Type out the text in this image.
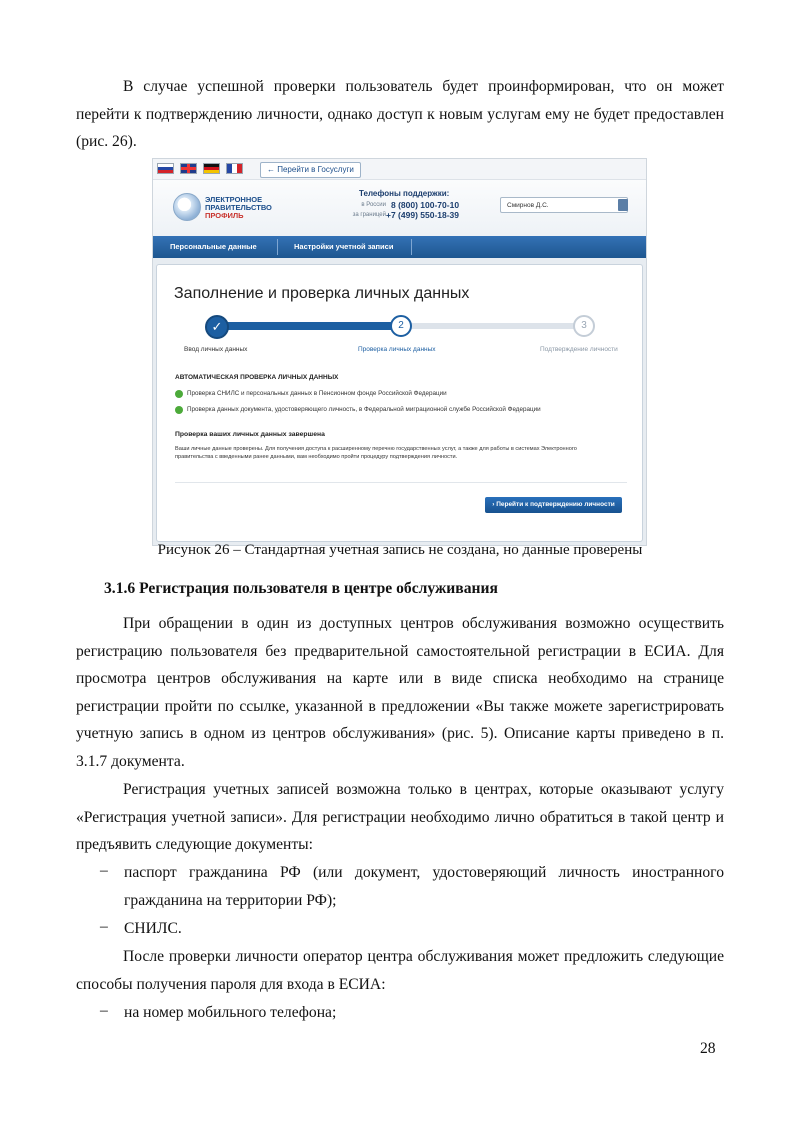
В случае успешной проверки пользователь будет проинформирован, что он может перейти к подтверждению личности, однако доступ к новым услугам ему не будет предоставлен (рис. 26).

← Перейти в Госуслуги
ЭЛЕКТРОННОЕ
ПРАВИТЕЛЬСТВО
ПРОФИЛЬ
Телефоны поддержки:
в России 8 (800) 100-70-10
за границей +7 (499) 550-18-39
Смирнов Д.С.
Персональные данные	Настройки учетной записи
Заполнение и проверка личных данных
✓	2	3
Ввод личных данных	Проверка личных данных	Подтверждение личности
АВТОМАТИЧЕСКАЯ ПРОВЕРКА ЛИЧНЫХ ДАННЫХ
Проверка СНИЛС и персональных данных в Пенсионном фонде Российской Федерации
Проверка данных документа, удостоверяющего личность, в Федеральной миграционной службе Российской Федерации
Проверка ваших личных данных завершена
Ваши личные данные проверены. Для получения доступа к расширенному перечню государственных услуг, а также для работы в системах Электронного правительства с введенными ранее данными, вам необходимо пройти процедуру подтверждения личности.
› Перейти к подтверждению личности
Рисунок 26 – Стандартная учетная запись не создана, но данные проверены
3.1.6 Регистрация пользователя в центре обслуживания

При обращении в один из доступных центров обслуживания возможно осуществить регистрацию пользователя без предварительной самостоятельной регистрации в ЕСИА. Для просмотра центров обслуживания на карте или в виде списка необходимо на странице регистрации пройти по ссылке, указанной в предложении «Вы также можете зарегистрировать учетную запись в одном из центров обслуживания» (рис. 5). Описание карты приведено в п. 3.1.7 документа.

Регистрация учетных записей возможна только в центрах, которые оказывают услугу «Регистрация учетной записи». Для регистрации необходимо лично обратиться в такой центр и предъявить следующие документы:

– паспорт гражданина РФ (или документ, удостоверяющий личность иностранного гражданина на территории РФ);

– СНИЛС.

После проверки личности оператор центра обслуживания может предложить следующие способы получения пароля для входа в ЕСИА:

– на номер мобильного телефона;

28
